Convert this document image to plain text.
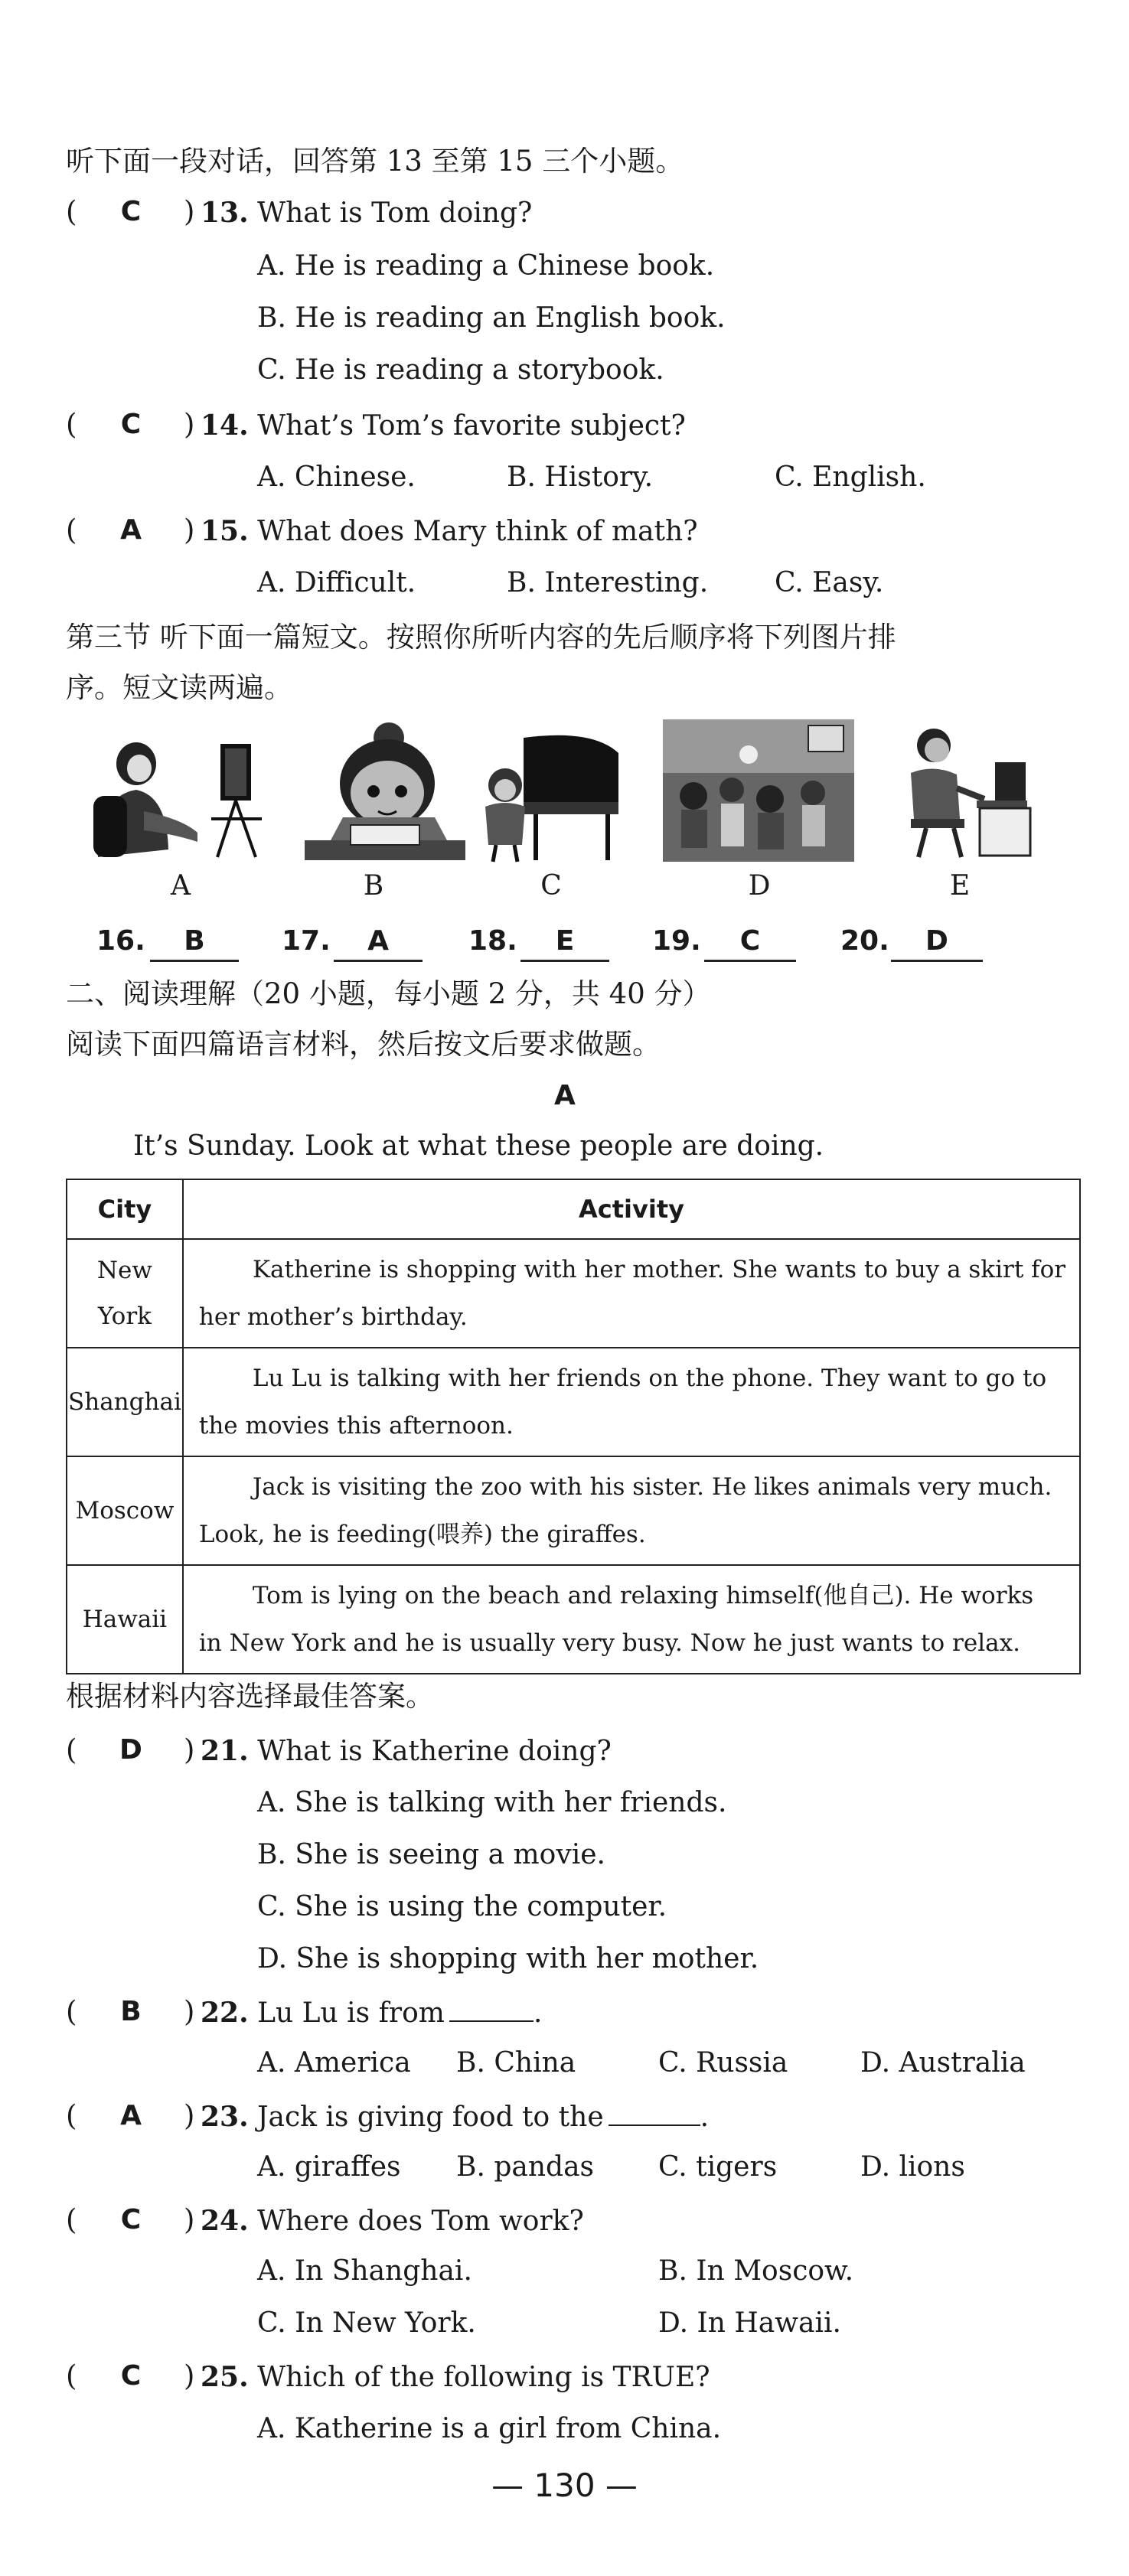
听下面一段对话，回答第 13 至第 15 三个小题。
(	C	) 13. What is Tom doing?
A. He is reading a Chinese book.
B. He is reading an English book.
C. He is reading a storybook.
(	C	) 14. What’s Tom’s favorite subject?
A. Chinese.	B. History.	C. English.
(	A	) 15. What does Mary think of math?
A. Difficult.	B. Interesting. C. Easy.
第三节 听下面一篇短文。按照你所听内容的先后顺序将下列图片排
序。短文读两遍。
A	B	C	D	E
16.	B	17.	A	18.	E	19.	C	20.	D
二、阅读理解（20 小题，每小题 2 分，共 40 分）
阅读下面四篇语言材料，然后按文后要求做题。
A
It’s Sunday. Look at what these people are doing.
City	Activity
New York	Katherine is shopping with her mother. She wants to buy a skirt for
her mother’s birthday.

Shanghai	Lu Lu is talking with her friends on the phone. They want to go to
the movies this afternoon.

Moscow	Jack is visiting the zoo with his sister. He likes animals very much.
Look, he is feeding(喂养) the giraffes.

Hawaii	Tom is lying on the beach and relaxing himself(他自己). He works
in New York and he is usually very busy. Now he just wants to relax.
根据材料内容选择最佳答案。
(	D	) 21. What is Katherine doing?
A. She is talking with her friends.
B. She is seeing a movie.
C. She is using the computer.
D. She is shopping with her mother.
(	B	) 22. Lu Lu is from	.
A. America B. China	C. Russia	D. Australia
(	A	) 23. Jack is giving food to the	.
A. giraffes B. pandas C. tigers	D. lions
(	C	) 24. Where does Tom work?
A. In Shanghai.	B. In Moscow.
C. In New York.	D. In Hawaii.
(	C	) 25. Which of the following is TRUE?
A. Katherine is a girl from China.
— 130 —
